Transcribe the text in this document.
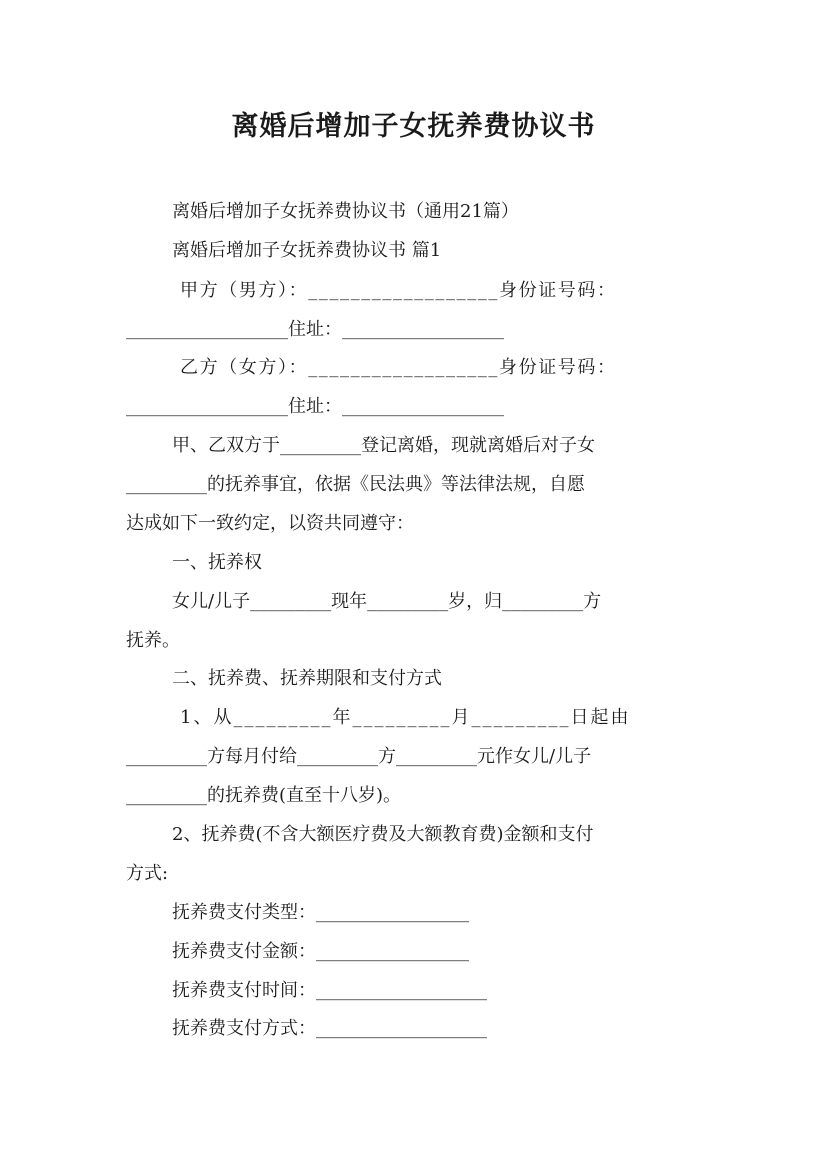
离婚后增加子女抚养费协议书
离婚后增加子女抚养费协议书（通用21篇）
离婚后增加子女抚养费协议书 篇1
甲方（男方）：__________________身份证号码：
__________________住址：__________________
乙方（女方）：__________________身份证号码：
__________________住址：__________________
甲、乙双方于_________登记离婚，现就离婚后对子女
_________的抚养事宜，依据《民法典》等法律法规，自愿
达成如下一致约定，以资共同遵守：
一、抚养权
女儿/儿子_________现年_________岁，归_________方
抚养。
二、抚养费、抚养期限和支付方式
1、从_________年_________月_________日起由
_________方每月付给_________方_________元作女儿/儿子
_________的抚养费(直至十八岁)。
2、抚养费(不含大额医疗费及大额教育费)金额和支付
方式:
抚养费支付类型：_________________
抚养费支付金额：_________________
抚养费支付时间：___________________
抚养费支付方式：___________________
